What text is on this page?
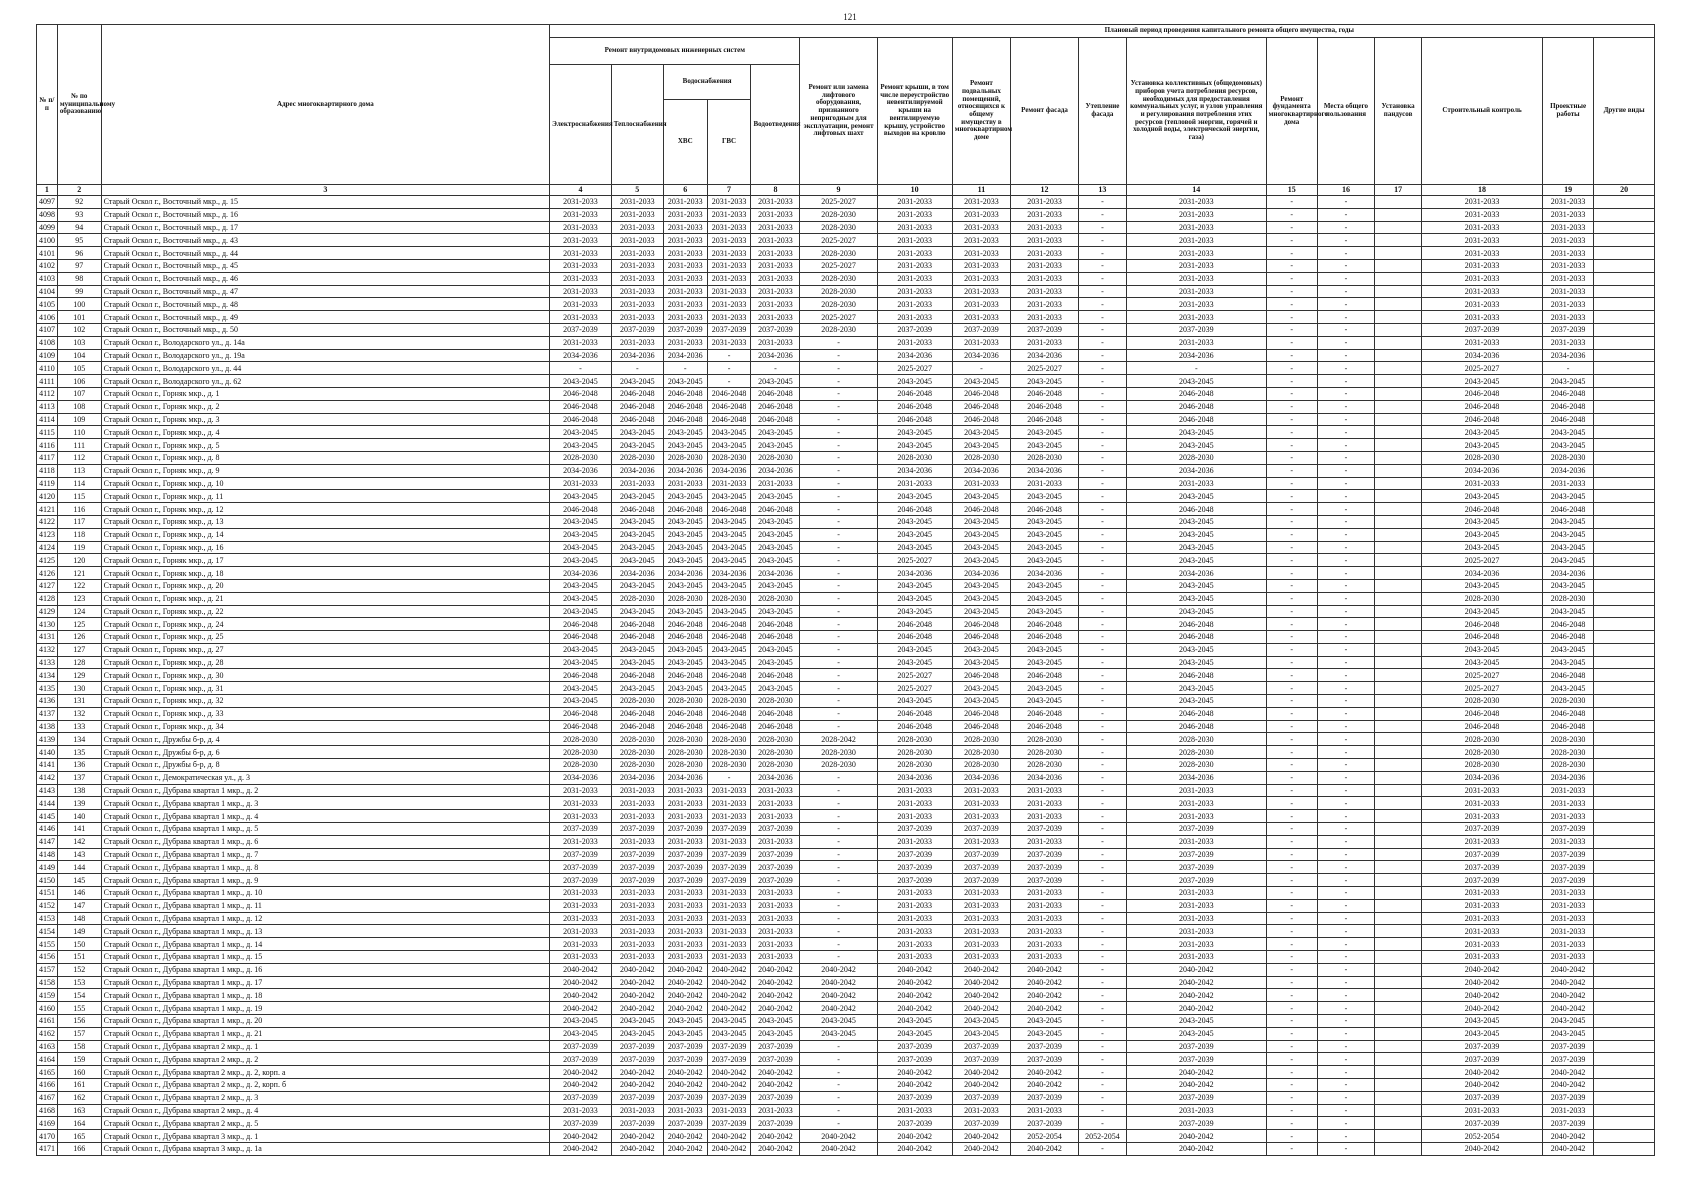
121
№ п/п	№ по муниципальному образованию	Адрес многоквартирного дома	Плановый период проведения капитального ремонта общего имущества, годы																
			Ремонт внутридомовых инженерных систем					Ремонт или замена лифтового оборудования, признанного непригодным для эксплуатации, ремонт лифтовых шахт	Ремонт крыши, в том числе переустройство невентилируемой крыши на вентилируемую крышу, устройство выходов на кровлю	Ремонт подвальных помещений, относящихся к общему имуществу в многоквартирном доме	Ремонт фасада	Утепление фасада	Установка коллективных (общедомовых) приборов учета потребления ресурсов, необходимых для предоставления коммунальных услуг, и узлов управления и регулирования потребления этих ресурсов (тепловой энергии, горячей и холодной воды, электрической энергии, газа)	Ремонт фундамента многоквартирного дома	Места общего пользования	Установка пандусов	Строительный контроль	Проектные работы	Другие виды
			Электроснабжения	Теплоснабжения	Водоснабжения		Водоотведения												
					ХВС	ГВС													
1	2	3	4	5	6	7	8	9	10	11	12	13	14	15	16	17	18	19	20
4097	92	Старый Оскол г., Восточный мкр., д. 15	2031-2033	2031-2033	2031-2033	2031-2033	2031-2033	2025-2027	2031-2033	2031-2033	2031-2033	-	2031-2033	-	-		2031-2033	2031-2033	
4098	93	Старый Оскол г., Восточный мкр., д. 16	2031-2033	2031-2033	2031-2033	2031-2033	2031-2033	2028-2030	2031-2033	2031-2033	2031-2033	-	2031-2033	-	-		2031-2033	2031-2033	
4099	94	Старый Оскол г., Восточный мкр., д. 17	2031-2033	2031-2033	2031-2033	2031-2033	2031-2033	2028-2030	2031-2033	2031-2033	2031-2033	-	2031-2033	-	-		2031-2033	2031-2033	
4100	95	Старый Оскол г., Восточный мкр., д. 43	2031-2033	2031-2033	2031-2033	2031-2033	2031-2033	2025-2027	2031-2033	2031-2033	2031-2033	-	2031-2033	-	-		2031-2033	2031-2033	
4101	96	Старый Оскол г., Восточный мкр., д. 44	2031-2033	2031-2033	2031-2033	2031-2033	2031-2033	2028-2030	2031-2033	2031-2033	2031-2033	-	2031-2033	-	-		2031-2033	2031-2033	
4102	97	Старый Оскол г., Восточный мкр., д. 45	2031-2033	2031-2033	2031-2033	2031-2033	2031-2033	2025-2027	2031-2033	2031-2033	2031-2033	-	2031-2033	-	-		2031-2033	2031-2033	
4103	98	Старый Оскол г., Восточный мкр., д. 46	2031-2033	2031-2033	2031-2033	2031-2033	2031-2033	2028-2030	2031-2033	2031-2033	2031-2033	-	2031-2033	-	-		2031-2033	2031-2033	
4104	99	Старый Оскол г., Восточный мкр., д. 47	2031-2033	2031-2033	2031-2033	2031-2033	2031-2033	2028-2030	2031-2033	2031-2033	2031-2033	-	2031-2033	-	-		2031-2033	2031-2033	
4105	100	Старый Оскол г., Восточный мкр., д. 48	2031-2033	2031-2033	2031-2033	2031-2033	2031-2033	2028-2030	2031-2033	2031-2033	2031-2033	-	2031-2033	-	-		2031-2033	2031-2033	
4106	101	Старый Оскол г., Восточный мкр., д. 49	2031-2033	2031-2033	2031-2033	2031-2033	2031-2033	2025-2027	2031-2033	2031-2033	2031-2033	-	2031-2033	-	-		2031-2033	2031-2033	
4107	102	Старый Оскол г., Восточный мкр., д. 50	2037-2039	2037-2039	2037-2039	2037-2039	2037-2039	2028-2030	2037-2039	2037-2039	2037-2039	-	2037-2039	-	-		2037-2039	2037-2039	
4108	103	Старый Оскол г., Володарского ул., д. 14а	2031-2033	2031-2033	2031-2033	2031-2033	2031-2033	-	2031-2033	2031-2033	2031-2033	-	2031-2033	-	-		2031-2033	2031-2033	
4109	104	Старый Оскол г., Володарского ул., д. 19а	2034-2036	2034-2036	2034-2036	-	2034-2036	-	2034-2036	2034-2036	2034-2036	-	2034-2036	-	-		2034-2036	2034-2036	
4110	105	Старый Оскол г., Володарского ул., д. 44	-	-	-	-	-	-	2025-2027	-	2025-2027	-	-	-	-		2025-2027	-	
4111	106	Старый Оскол г., Володарского ул., д. 62	2043-2045	2043-2045	2043-2045	-	2043-2045	-	2043-2045	2043-2045	2043-2045	-	2043-2045	-	-		2043-2045	2043-2045	
4112	107	Старый Оскол г., Горняк мкр., д. 1	2046-2048	2046-2048	2046-2048	2046-2048	2046-2048	-	2046-2048	2046-2048	2046-2048	-	2046-2048	-	-		2046-2048	2046-2048	
4113	108	Старый Оскол г., Горняк мкр., д. 2	2046-2048	2046-2048	2046-2048	2046-2048	2046-2048	-	2046-2048	2046-2048	2046-2048	-	2046-2048	-	-		2046-2048	2046-2048	
4114	109	Старый Оскол г., Горняк мкр., д. 3	2046-2048	2046-2048	2046-2048	2046-2048	2046-2048	-	2046-2048	2046-2048	2046-2048	-	2046-2048	-	-		2046-2048	2046-2048	
4115	110	Старый Оскол г., Горняк мкр., д. 4	2043-2045	2043-2045	2043-2045	2043-2045	2043-2045	-	2043-2045	2043-2045	2043-2045	-	2043-2045	-	-		2043-2045	2043-2045	
4116	111	Старый Оскол г., Горняк мкр., д. 5	2043-2045	2043-2045	2043-2045	2043-2045	2043-2045	-	2043-2045	2043-2045	2043-2045	-	2043-2045	-	-		2043-2045	2043-2045	
4117	112	Старый Оскол г., Горняк мкр., д. 8	2028-2030	2028-2030	2028-2030	2028-2030	2028-2030	-	2028-2030	2028-2030	2028-2030	-	2028-2030	-	-		2028-2030	2028-2030	
4118	113	Старый Оскол г., Горняк мкр., д. 9	2034-2036	2034-2036	2034-2036	2034-2036	2034-2036	-	2034-2036	2034-2036	2034-2036	-	2034-2036	-	-		2034-2036	2034-2036	
4119	114	Старый Оскол г., Горняк мкр., д. 10	2031-2033	2031-2033	2031-2033	2031-2033	2031-2033	-	2031-2033	2031-2033	2031-2033	-	2031-2033	-	-		2031-2033	2031-2033	
4120	115	Старый Оскол г., Горняк мкр., д. 11	2043-2045	2043-2045	2043-2045	2043-2045	2043-2045	-	2043-2045	2043-2045	2043-2045	-	2043-2045	-	-		2043-2045	2043-2045	
4121	116	Старый Оскол г., Горняк мкр., д. 12	2046-2048	2046-2048	2046-2048	2046-2048	2046-2048	-	2046-2048	2046-2048	2046-2048	-	2046-2048	-	-		2046-2048	2046-2048	
4122	117	Старый Оскол г., Горняк мкр., д. 13	2043-2045	2043-2045	2043-2045	2043-2045	2043-2045	-	2043-2045	2043-2045	2043-2045	-	2043-2045	-	-		2043-2045	2043-2045	
4123	118	Старый Оскол г., Горняк мкр., д. 14	2043-2045	2043-2045	2043-2045	2043-2045	2043-2045	-	2043-2045	2043-2045	2043-2045	-	2043-2045	-	-		2043-2045	2043-2045	
4124	119	Старый Оскол г., Горняк мкр., д. 16	2043-2045	2043-2045	2043-2045	2043-2045	2043-2045	-	2043-2045	2043-2045	2043-2045	-	2043-2045	-	-		2043-2045	2043-2045	
4125	120	Старый Оскол г., Горняк мкр., д. 17	2043-2045	2043-2045	2043-2045	2043-2045	2043-2045	-	2025-2027	2043-2045	2043-2045	-	2043-2045	-	-		2025-2027	2043-2045	
4126	121	Старый Оскол г., Горняк мкр., д. 18	2034-2036	2034-2036	2034-2036	2034-2036	2034-2036	-	2034-2036	2034-2036	2034-2036	-	2034-2036	-	-		2034-2036	2034-2036	
4127	122	Старый Оскол г., Горняк мкр., д. 20	2043-2045	2043-2045	2043-2045	2043-2045	2043-2045	-	2043-2045	2043-2045	2043-2045	-	2043-2045	-	-		2043-2045	2043-2045	
4128	123	Старый Оскол г., Горняк мкр., д. 21	2043-2045	2028-2030	2028-2030	2028-2030	2028-2030	-	2043-2045	2043-2045	2043-2045	-	2043-2045	-	-		2028-2030	2028-2030	
4129	124	Старый Оскол г., Горняк мкр., д. 22	2043-2045	2043-2045	2043-2045	2043-2045	2043-2045	-	2043-2045	2043-2045	2043-2045	-	2043-2045	-	-		2043-2045	2043-2045	
4130	125	Старый Оскол г., Горняк мкр., д. 24	2046-2048	2046-2048	2046-2048	2046-2048	2046-2048	-	2046-2048	2046-2048	2046-2048	-	2046-2048	-	-		2046-2048	2046-2048	
4131	126	Старый Оскол г., Горняк мкр., д. 25	2046-2048	2046-2048	2046-2048	2046-2048	2046-2048	-	2046-2048	2046-2048	2046-2048	-	2046-2048	-	-		2046-2048	2046-2048	
4132	127	Старый Оскол г., Горняк мкр., д. 27	2043-2045	2043-2045	2043-2045	2043-2045	2043-2045	-	2043-2045	2043-2045	2043-2045	-	2043-2045	-	-		2043-2045	2043-2045	
4133	128	Старый Оскол г., Горняк мкр., д. 28	2043-2045	2043-2045	2043-2045	2043-2045	2043-2045	-	2043-2045	2043-2045	2043-2045	-	2043-2045	-	-		2043-2045	2043-2045	
4134	129	Старый Оскол г., Горняк мкр., д. 30	2046-2048	2046-2048	2046-2048	2046-2048	2046-2048	-	2025-2027	2046-2048	2046-2048	-	2046-2048	-	-		2025-2027	2046-2048	
4135	130	Старый Оскол г., Горняк мкр., д. 31	2043-2045	2043-2045	2043-2045	2043-2045	2043-2045	-	2025-2027	2043-2045	2043-2045	-	2043-2045	-	-		2025-2027	2043-2045	
4136	131	Старый Оскол г., Горняк мкр., д. 32	2043-2045	2028-2030	2028-2030	2028-2030	2028-2030	-	2043-2045	2043-2045	2043-2045	-	2043-2045	-	-		2028-2030	2028-2030	
4137	132	Старый Оскол г., Горняк мкр., д. 33	2046-2048	2046-2048	2046-2048	2046-2048	2046-2048	-	2046-2048	2046-2048	2046-2048	-	2046-2048	-	-		2046-2048	2046-2048	
4138	133	Старый Оскол г., Горняк мкр., д. 34	2046-2048	2046-2048	2046-2048	2046-2048	2046-2048	-	2046-2048	2046-2048	2046-2048	-	2046-2048	-	-		2046-2048	2046-2048	
4139	134	Старый Оскол г., Дружбы б-р, д. 4	2028-2030	2028-2030	2028-2030	2028-2030	2028-2030	2028-2042	2028-2030	2028-2030	2028-2030	-	2028-2030	-	-		2028-2030	2028-2030	
4140	135	Старый Оскол г., Дружбы б-р, д. 6	2028-2030	2028-2030	2028-2030	2028-2030	2028-2030	2028-2030	2028-2030	2028-2030	2028-2030	-	2028-2030	-	-		2028-2030	2028-2030	
4141	136	Старый Оскол г., Дружбы б-р, д. 8	2028-2030	2028-2030	2028-2030	2028-2030	2028-2030	2028-2030	2028-2030	2028-2030	2028-2030	-	2028-2030	-	-		2028-2030	2028-2030	
4142	137	Старый Оскол г., Демократическая ул., д. 3	2034-2036	2034-2036	2034-2036	-	2034-2036	-	2034-2036	2034-2036	2034-2036	-	2034-2036	-	-		2034-2036	2034-2036	
4143	138	Старый Оскол г., Дубрава квартал 1 мкр., д. 2	2031-2033	2031-2033	2031-2033	2031-2033	2031-2033	-	2031-2033	2031-2033	2031-2033	-	2031-2033	-	-		2031-2033	2031-2033	
4144	139	Старый Оскол г., Дубрава квартал 1 мкр., д. 3	2031-2033	2031-2033	2031-2033	2031-2033	2031-2033	-	2031-2033	2031-2033	2031-2033	-	2031-2033	-	-		2031-2033	2031-2033	
4145	140	Старый Оскол г., Дубрава квартал 1 мкр., д. 4	2031-2033	2031-2033	2031-2033	2031-2033	2031-2033	-	2031-2033	2031-2033	2031-2033	-	2031-2033	-	-		2031-2033	2031-2033	
4146	141	Старый Оскол г., Дубрава квартал 1 мкр., д. 5	2037-2039	2037-2039	2037-2039	2037-2039	2037-2039	-	2037-2039	2037-2039	2037-2039	-	2037-2039	-	-		2037-2039	2037-2039	
4147	142	Старый Оскол г., Дубрава квартал 1 мкр., д. 6	2031-2033	2031-2033	2031-2033	2031-2033	2031-2033	-	2031-2033	2031-2033	2031-2033	-	2031-2033	-	-		2031-2033	2031-2033	
4148	143	Старый Оскол г., Дубрава квартал 1 мкр., д. 7	2037-2039	2037-2039	2037-2039	2037-2039	2037-2039	-	2037-2039	2037-2039	2037-2039	-	2037-2039	-	-		2037-2039	2037-2039	
4149	144	Старый Оскол г., Дубрава квартал 1 мкр., д. 8	2037-2039	2037-2039	2037-2039	2037-2039	2037-2039	-	2037-2039	2037-2039	2037-2039	-	2037-2039	-	-		2037-2039	2037-2039	
4150	145	Старый Оскол г., Дубрава квартал 1 мкр., д. 9	2037-2039	2037-2039	2037-2039	2037-2039	2037-2039	-	2037-2039	2037-2039	2037-2039	-	2037-2039	-	-		2037-2039	2037-2039	
4151	146	Старый Оскол г., Дубрава квартал 1 мкр., д. 10	2031-2033	2031-2033	2031-2033	2031-2033	2031-2033	-	2031-2033	2031-2033	2031-2033	-	2031-2033	-	-		2031-2033	2031-2033	
4152	147	Старый Оскол г., Дубрава квартал 1 мкр., д. 11	2031-2033	2031-2033	2031-2033	2031-2033	2031-2033	-	2031-2033	2031-2033	2031-2033	-	2031-2033	-	-		2031-2033	2031-2033	
4153	148	Старый Оскол г., Дубрава квартал 1 мкр., д. 12	2031-2033	2031-2033	2031-2033	2031-2033	2031-2033	-	2031-2033	2031-2033	2031-2033	-	2031-2033	-	-		2031-2033	2031-2033	
4154	149	Старый Оскол г., Дубрава квартал 1 мкр., д. 13	2031-2033	2031-2033	2031-2033	2031-2033	2031-2033	-	2031-2033	2031-2033	2031-2033	-	2031-2033	-	-		2031-2033	2031-2033	
4155	150	Старый Оскол г., Дубрава квартал 1 мкр., д. 14	2031-2033	2031-2033	2031-2033	2031-2033	2031-2033	-	2031-2033	2031-2033	2031-2033	-	2031-2033	-	-		2031-2033	2031-2033	
4156	151	Старый Оскол г., Дубрава квартал 1 мкр., д. 15	2031-2033	2031-2033	2031-2033	2031-2033	2031-2033	-	2031-2033	2031-2033	2031-2033	-	2031-2033	-	-		2031-2033	2031-2033	
4157	152	Старый Оскол г., Дубрава квартал 1 мкр., д. 16	2040-2042	2040-2042	2040-2042	2040-2042	2040-2042	2040-2042	2040-2042	2040-2042	2040-2042	-	2040-2042	-	-		2040-2042	2040-2042	
4158	153	Старый Оскол г., Дубрава квартал 1 мкр., д. 17	2040-2042	2040-2042	2040-2042	2040-2042	2040-2042	2040-2042	2040-2042	2040-2042	2040-2042	-	2040-2042	-	-		2040-2042	2040-2042	
4159	154	Старый Оскол г., Дубрава квартал 1 мкр., д. 18	2040-2042	2040-2042	2040-2042	2040-2042	2040-2042	2040-2042	2040-2042	2040-2042	2040-2042	-	2040-2042	-	-		2040-2042	2040-2042	
4160	155	Старый Оскол г., Дубрава квартал 1 мкр., д. 19	2040-2042	2040-2042	2040-2042	2040-2042	2040-2042	2040-2042	2040-2042	2040-2042	2040-2042	-	2040-2042	-	-		2040-2042	2040-2042	
4161	156	Старый Оскол г., Дубрава квартал 1 мкр., д. 20	2043-2045	2043-2045	2043-2045	2043-2045	2043-2045	2043-2045	2043-2045	2043-2045	2043-2045	-	2043-2045	-	-		2043-2045	2043-2045	
4162	157	Старый Оскол г., Дубрава квартал 1 мкр., д. 21	2043-2045	2043-2045	2043-2045	2043-2045	2043-2045	2043-2045	2043-2045	2043-2045	2043-2045	-	2043-2045	-	-		2043-2045	2043-2045	
4163	158	Старый Оскол г., Дубрава квартал 2 мкр., д. 1	2037-2039	2037-2039	2037-2039	2037-2039	2037-2039	-	2037-2039	2037-2039	2037-2039	-	2037-2039	-	-		2037-2039	2037-2039	
4164	159	Старый Оскол г., Дубрава квартал 2 мкр., д. 2	2037-2039	2037-2039	2037-2039	2037-2039	2037-2039	-	2037-2039	2037-2039	2037-2039	-	2037-2039	-	-		2037-2039	2037-2039	
4165	160	Старый Оскол г., Дубрава квартал 2 мкр., д. 2, корп. а	2040-2042	2040-2042	2040-2042	2040-2042	2040-2042	-	2040-2042	2040-2042	2040-2042	-	2040-2042	-	-		2040-2042	2040-2042	
4166	161	Старый Оскол г., Дубрава квартал 2 мкр., д. 2, корп. б	2040-2042	2040-2042	2040-2042	2040-2042	2040-2042	-	2040-2042	2040-2042	2040-2042	-	2040-2042	-	-		2040-2042	2040-2042	
4167	162	Старый Оскол г., Дубрава квартал 2 мкр., д. 3	2037-2039	2037-2039	2037-2039	2037-2039	2037-2039	-	2037-2039	2037-2039	2037-2039	-	2037-2039	-	-		2037-2039	2037-2039	
4168	163	Старый Оскол г., Дубрава квартал 2 мкр., д. 4	2031-2033	2031-2033	2031-2033	2031-2033	2031-2033	-	2031-2033	2031-2033	2031-2033	-	2031-2033	-	-		2031-2033	2031-2033	
4169	164	Старый Оскол г., Дубрава квартал 2 мкр., д. 5	2037-2039	2037-2039	2037-2039	2037-2039	2037-2039	-	2037-2039	2037-2039	2037-2039	-	2037-2039	-	-		2037-2039	2037-2039	
4170	165	Старый Оскол г., Дубрава квартал 3 мкр., д. 1	2040-2042	2040-2042	2040-2042	2040-2042	2040-2042	2040-2042	2040-2042	2040-2042	2052-2054	2052-2054	2040-2042	-	-		2052-2054	2040-2042	
4171	166	Старый Оскол г., Дубрава квартал 3 мкр., д. 1а	2040-2042	2040-2042	2040-2042	2040-2042	2040-2042	2040-2042	2040-2042	2040-2042	2040-2042	-	2040-2042	-	-		2040-2042	2040-2042	
